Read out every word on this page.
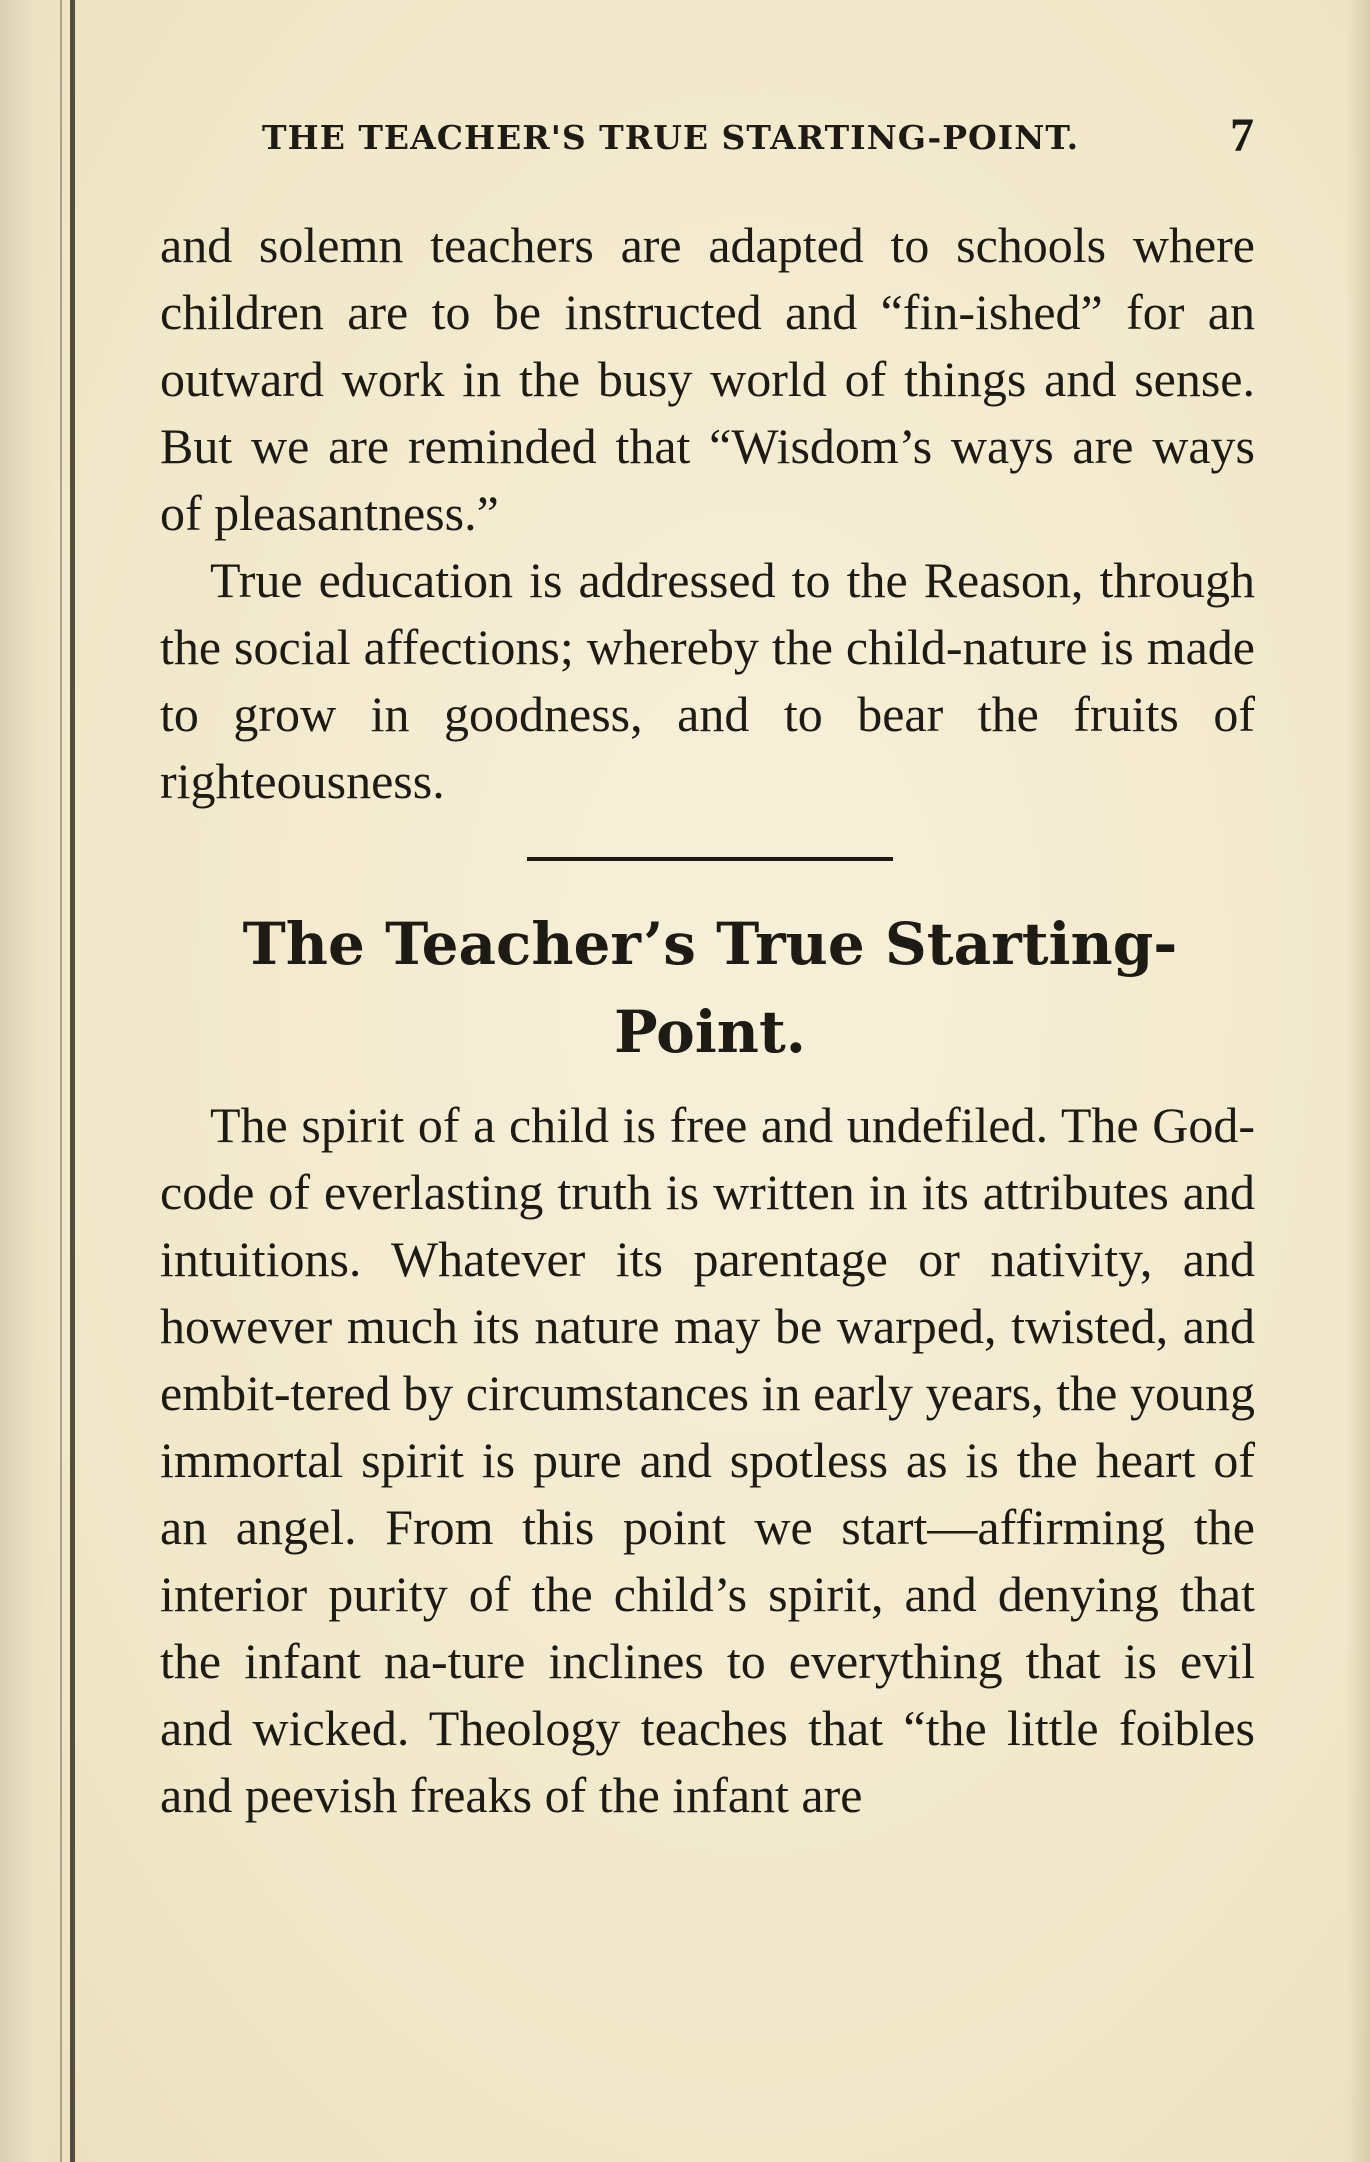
THE TEACHER'S TRUE STARTING-POINT.	7

and solemn teachers are adapted to schools where children are to be instructed and “fin-ished” for an outward work in the busy world of things and sense. But we are reminded that “Wisdom’s ways are ways of pleasantness.”

True education is addressed to the Reason, through the social affections; whereby the child-nature is made to grow in goodness, and to bear the fruits of righteousness.

The Teacher’s True Starting-Point.

The spirit of a child is free and undefiled. The God-code of everlasting truth is written in its attributes and intuitions. Whatever its parentage or nativity, and however much its nature may be warped, twisted, and embit-tered by circumstances in early years, the young immortal spirit is pure and spotless as is the heart of an angel. From this point we start—affirming the interior purity of the child’s spirit, and denying that the infant na-ture inclines to everything that is evil and wicked. Theology teaches that “the little foibles and peevish freaks of the infant are
